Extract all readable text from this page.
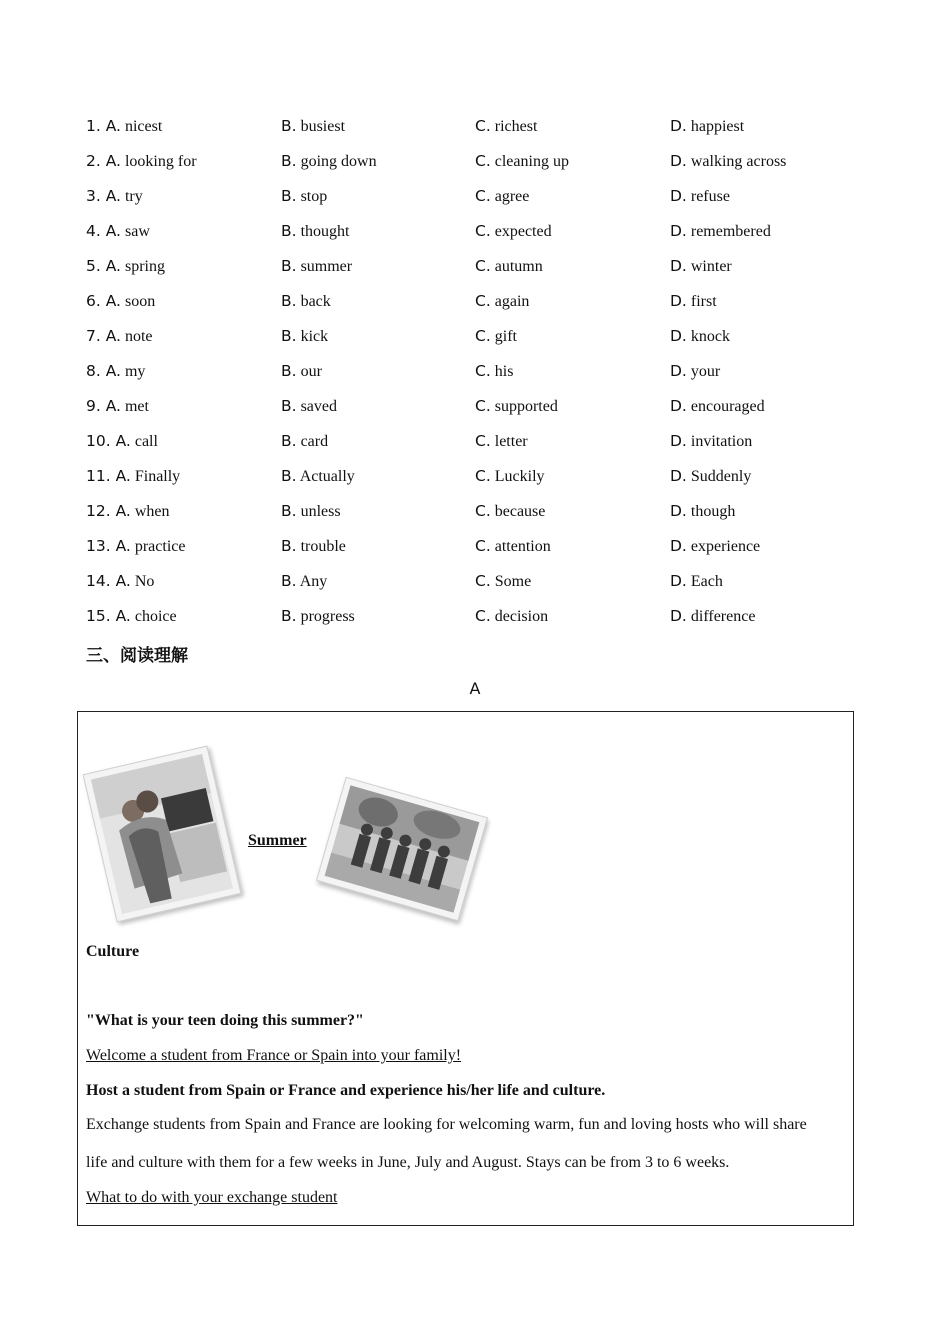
1. A. nicest	B. busiest	C. richest	D. happiest
2. A. looking for	B. going down	C. cleaning up	D. walking across
3. A. try	B. stop	C. agree	D. refuse
4. A. saw	B. thought	C. expected	D. remembered
5. A. spring	B. summer	C. autumn	D. winter
6. A. soon	B. back	C. again	D. first
7. A. note	B. kick	C. gift	D. knock
8. A. my	B. our	C. his	D. your
9. A. met	B. saved	C. supported	D. encouraged
10. A. call	B. card	C. letter	D. invitation
11. A. Finally	B. Actually	C. Luckily	D. Suddenly
12. A. when	B. unless	C. because	D. though
13. A. practice	B. trouble	C. attention	D. experience
14. A. No	B. Any	C. Some	D. Each
15. A. choice	B. progress	C. decision	D. difference
三、阅读理解
A
Summer
Culture
"What is your teen doing this summer?"
Welcome a student from France or Spain into your family!
Host a student from Spain or France and experience his/her life and culture.
Exchange students from Spain and France are looking for welcoming warm, fun and loving hosts who will share
life and culture with them for a few weeks in June, July and August. Stays can be from 3 to 6 weeks.
What to do with your exchange student
